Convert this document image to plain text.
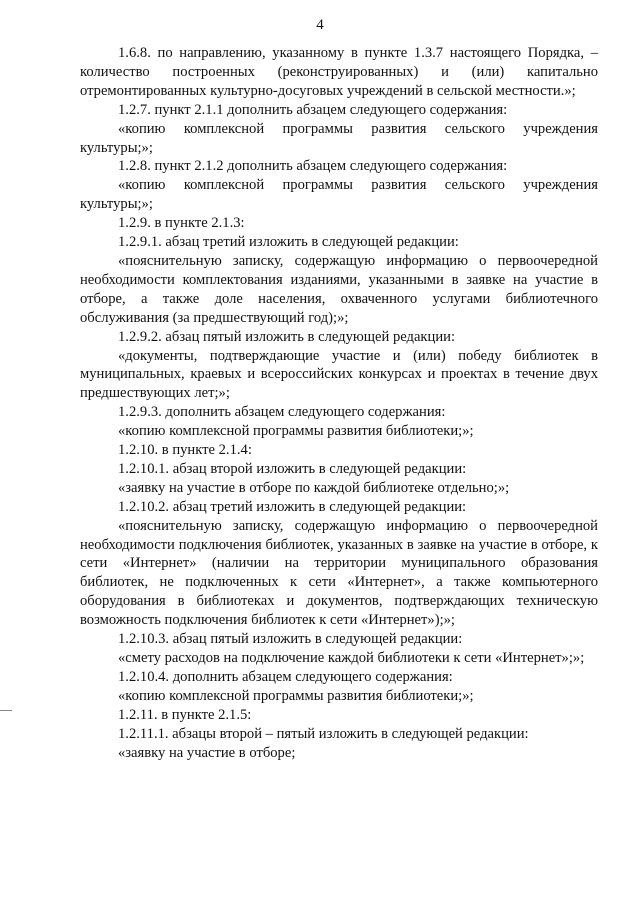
4

1.6.8. по направлению, указанному в пункте 1.3.7 настоящего Порядка, – количество построенных (реконструированных) и (или) капитально отремонтированных культурно-досуговых учреждений в сельской местности.»;

1.2.7. пункт 2.1.1 дополнить абзацем следующего содержания:

«копию комплексной программы развития сельского учреждения культуры;»;

1.2.8. пункт 2.1.2 дополнить абзацем следующего содержания:

«копию комплексной программы развития сельского учреждения культуры;»;

1.2.9. в пункте 2.1.3:

1.2.9.1. абзац третий изложить в следующей редакции:

«пояснительную записку, содержащую информацию о первоочередной необходимости комплектования изданиями, указанными в заявке на участие в отборе, а также доле населения, охваченного услугами библиотечного обслуживания (за предшествующий год);»;

1.2.9.2. абзац пятый изложить в следующей редакции:

«документы, подтверждающие участие и (или) победу библиотек в муниципальных, краевых и всероссийских конкурсах и проектах в течение двух предшествующих лет;»;

1.2.9.3. дополнить абзацем следующего содержания:

«копию комплексной программы развития библиотеки;»;

1.2.10. в пункте 2.1.4:

1.2.10.1. абзац второй изложить в следующей редакции:

«заявку на участие в отборе по каждой библиотеке отдельно;»;

1.2.10.2. абзац третий изложить в следующей редакции:

«пояснительную записку, содержащую информацию о первоочередной необходимости подключения библиотек, указанных в заявке на участие в отборе, к сети «Интернет» (наличии на территории муниципального образования библиотек, не подключенных к сети «Интернет», а также компьютерного оборудования в библиотеках и документов, подтверждающих техническую возможность подключения библиотек к сети «Интернет»);»;

1.2.10.3. абзац пятый изложить в следующей редакции:

«смету расходов на подключение каждой библиотеки к сети «Интернет»;»;

1.2.10.4. дополнить абзацем следующего содержания:

«копию комплексной программы развития библиотеки;»;

1.2.11. в пункте 2.1.5:

1.2.11.1. абзацы второй – пятый изложить в следующей редакции:

«заявку на участие в отборе;
